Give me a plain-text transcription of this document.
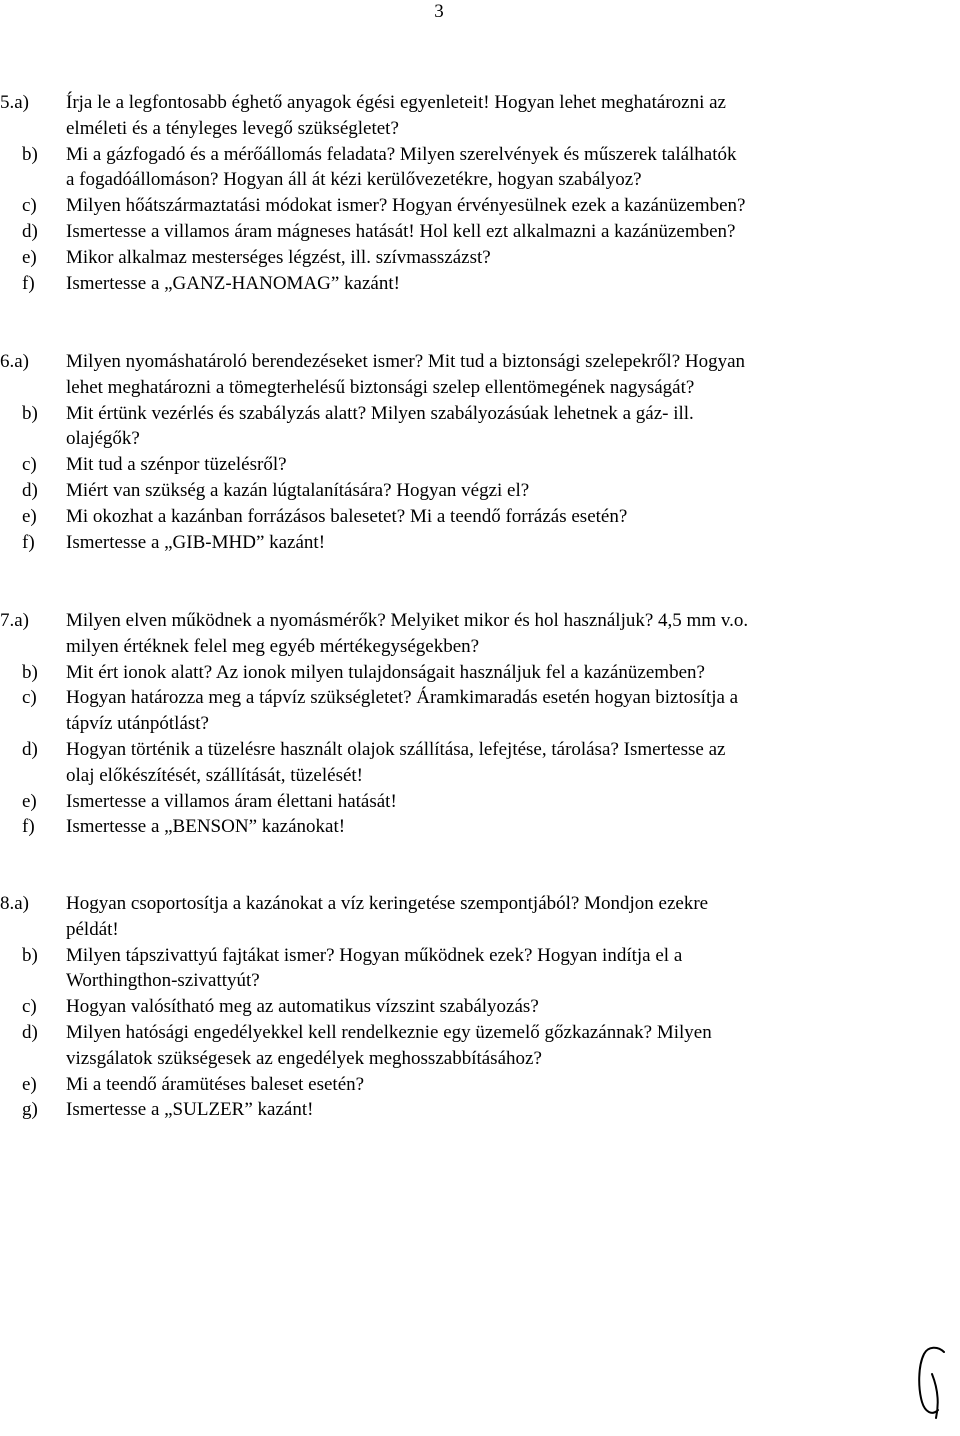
3
5.a)	Írja le a legfontosabb éghető anyagok égési egyenleteit! Hogyan lehet meghatározni az
elméleti és a tényleges levegő szükségletet?
b)	Mi a gázfogadó és a mérőállomás feladata? Milyen szerelvények és műszerek találhatók
a fogadóállomáson? Hogyan áll át kézi kerülővezetékre, hogyan szabályoz?
c)	Milyen hőátszármaztatási módokat ismer? Hogyan érvényesülnek ezek a kazánüzemben?
d)	Ismertesse a villamos áram mágneses hatását! Hol kell ezt alkalmazni a kazánüzemben?
e)	Mikor alkalmaz mesterséges légzést, ill. szívmasszázst?
f)	Ismertesse a „GANZ-HANOMAG” kazánt!
6.a)	Milyen nyomáshatároló berendezéseket ismer? Mit tud a biztonsági szelepekről? Hogyan
lehet meghatározni a tömegterhelésű biztonsági szelep ellentömegének nagyságát?
b)	Mit értünk vezérlés és szabályzás alatt? Milyen szabályozásúak lehetnek a gáz- ill.
olajégők?
c)	Mit tud a szénpor tüzelésről?
d)	Miért van szükség a kazán lúgtalanítására? Hogyan végzi el?
e)	Mi okozhat a kazánban forrázásos balesetet? Mi a teendő forrázás esetén?
f)	Ismertesse a „GIB-MHD” kazánt!
7.a)	Milyen elven működnek a nyomásmérők? Melyiket mikor és hol használjuk? 4,5 mm v.o.
milyen értéknek felel meg egyéb mértékegységekben?
b)	Mit ért ionok alatt? Az ionok milyen tulajdonságait használjuk fel a kazánüzemben?
c)	Hogyan határozza meg a tápvíz szükségletet? Áramkimaradás esetén hogyan biztosítja a
tápvíz utánpótlást?
d)	Hogyan történik a tüzelésre használt olajok szállítása, lefejtése, tárolása? Ismertesse az
olaj előkészítését, szállítását, tüzelését!
e)	Ismertesse a villamos áram élettani hatását!
f)	Ismertesse a „BENSON” kazánokat!
8.a)	Hogyan csoportosítja a kazánokat a víz keringetése szempontjából? Mondjon ezekre
példát!
b)	Milyen tápszivattyú fajtákat ismer? Hogyan működnek ezek? Hogyan indítja el a
Worthingthon-szivattyút?
c)	Hogyan valósítható meg az automatikus vízszint szabályozás?
d)	Milyen hatósági engedélyekkel kell rendelkeznie egy üzemelő gőzkazánnak? Milyen
vizsgálatok szükségesek az engedélyek meghosszabbításához?
e)	Mi a teendő áramütéses baleset esetén?
g)	Ismertesse a „SULZER” kazánt!
